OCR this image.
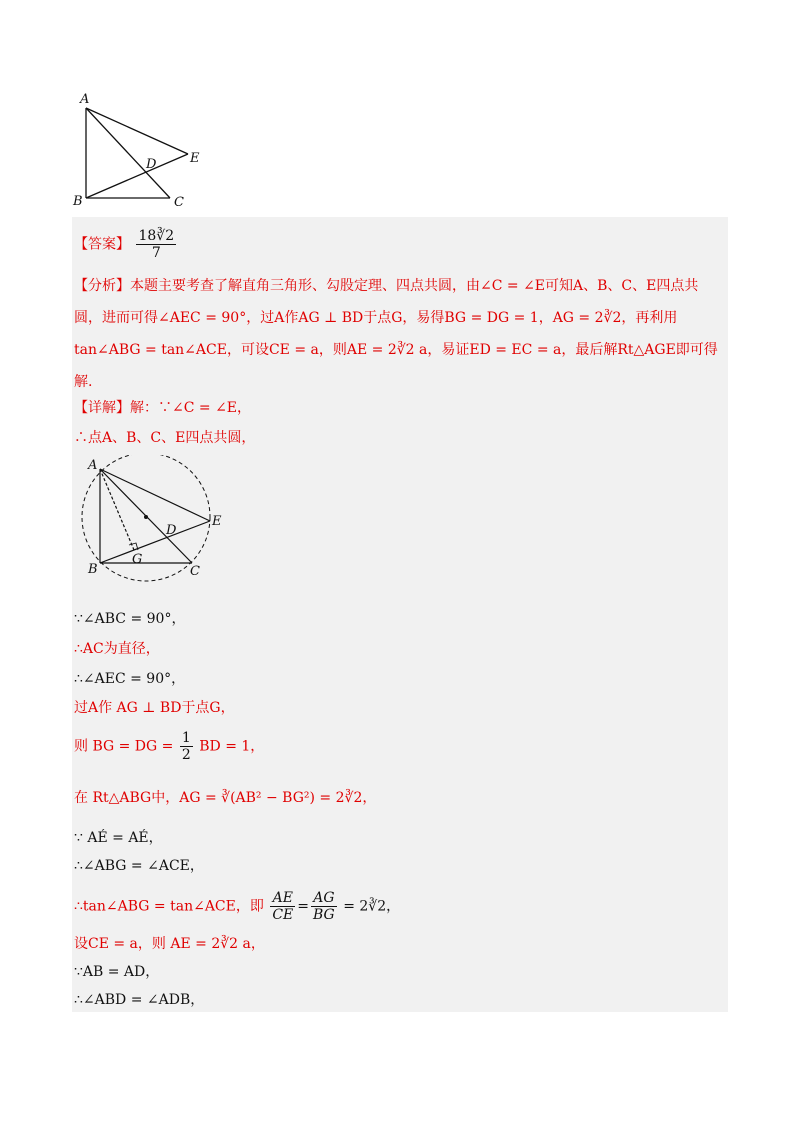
A
B	C
D	E
【答案】 $\frac{18∛2}{7}$
【分析】本题主要考查了解直角三角形、勾股定理、四点共圆，由∠C = ∠E可知A、B、C、E四点共圆，进而可得∠AEC = 90°，过A作AG ⊥ BD于点G，易得BG = DG = 1，AG = 2∛2，再利用tan∠ABG = tan∠ACE，可设CE = a，则AE = 2∛2 a，易证ED = EC = a，最后解Rt△AGE即可得解.
【详解】解：∵∠C = ∠E，
∴点A、B、C、E四点共圆，
A
B	C
D
E
G
∵∠ABC = 90°，
∴AC为直径，
∴∠AEC = 90°，
过A作 AG ⊥ BD于点G，
则 BG = DG = $\frac{1}{2}$ BD = 1，
在 Rt△ABG中，AG = ∛(AB² − BG²) = 2∛2，
∵ AÉ = AÉ，
∴∠ABG = ∠ACE，
∴tan∠ABG = tan∠ACE，即 $\frac{AE}{CE} = \frac{AG}{BG}$ = 2∛2，
设CE = a，则 AE = 2∛2 a，
∵AB = AD，
∴∠ABD = ∠ADB，
